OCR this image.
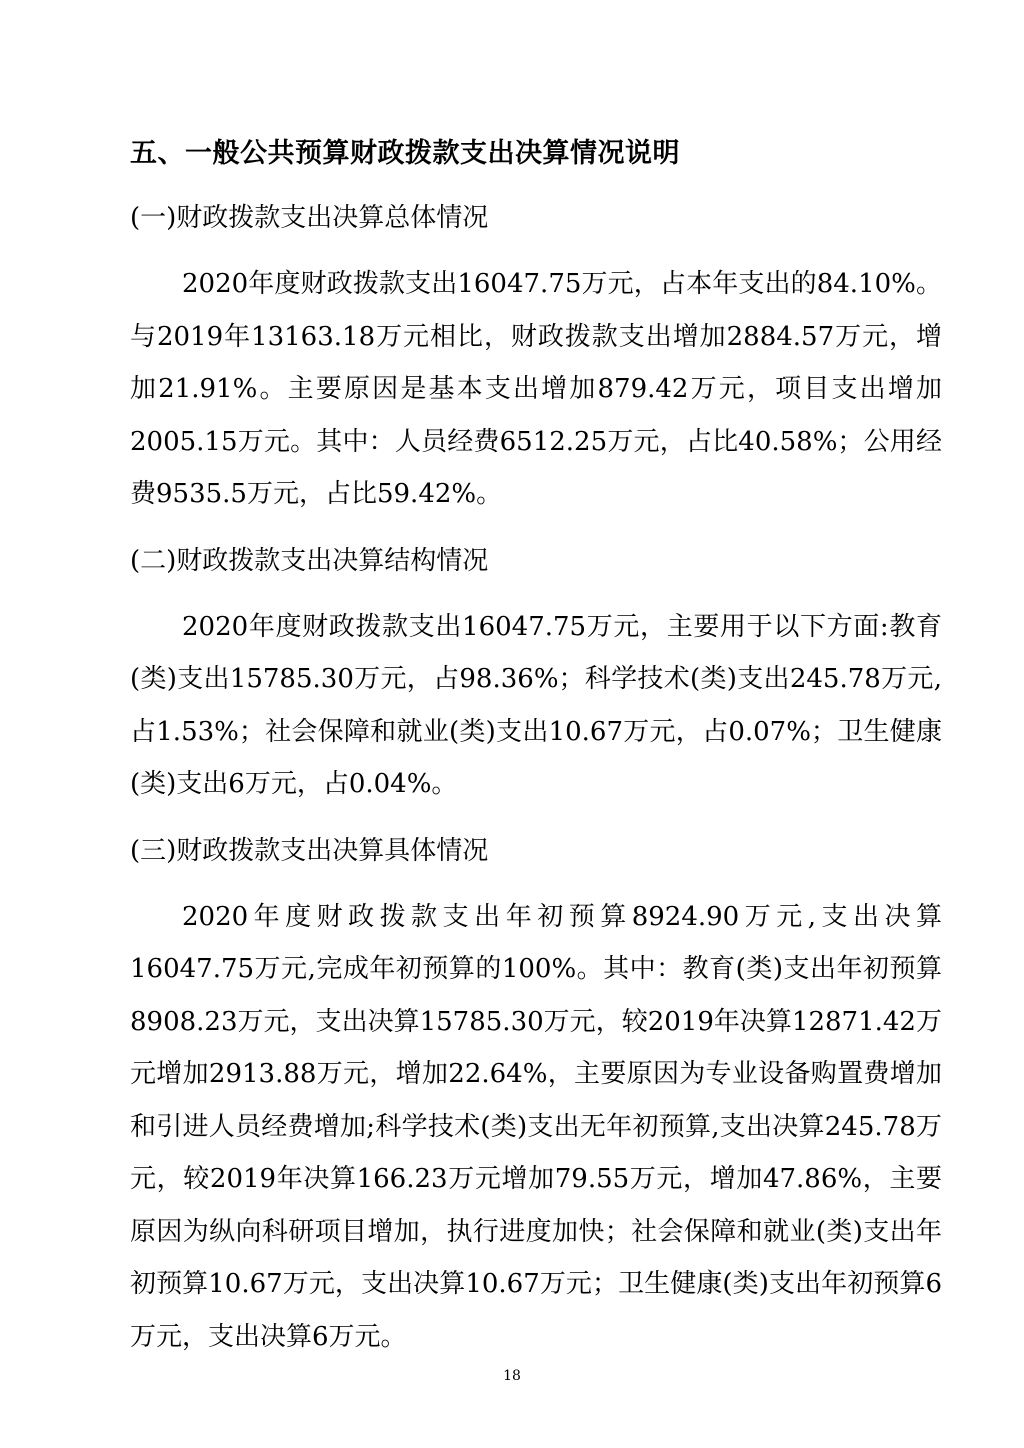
五、一般公共预算财政拨款支出决算情况说明
(一)财政拨款支出决算总体情况

2020年度财政拨款支出16047.75万元，占本年支出的84.10%。与2019年13163.18万元相比，财政拨款支出增加2884.57万元，增加21.91%。主要原因是基本支出增加879.42万元，项目支出增加2005.15万元。其中：人员经费6512.25万元，占比40.58%；公用经费9535.5万元，占比59.42%。

(二)财政拨款支出决算结构情况

2020年度财政拨款支出16047.75万元，主要用于以下方面:教育(类)支出15785.30万元，占98.36%；科学技术(类)支出245.78万元,占1.53%；社会保障和就业(类)支出10.67万元，占0.07%；卫生健康(类)支出6万元，占0.04%。

(三)财政拨款支出决算具体情况

2020年度财政拨款支出年初预算8924.90万元,支出决算16047.75万元,完成年初预算的100%。其中：教育(类)支出年初预算8908.23万元，支出决算15785.30万元，较2019年决算12871.42万元增加2913.88万元，增加22.64%，主要原因为专业设备购置费增加和引进人员经费增加;科学技术(类)支出无年初预算,支出决算245.78万元，较2019年决算166.23万元增加79.55万元，增加47.86%，主要原因为纵向科研项目增加，执行进度加快；社会保障和就业(类)支出年初预算10.67万元，支出决算10.67万元；卫生健康(类)支出年初预算6万元，支出决算6万元。

18
